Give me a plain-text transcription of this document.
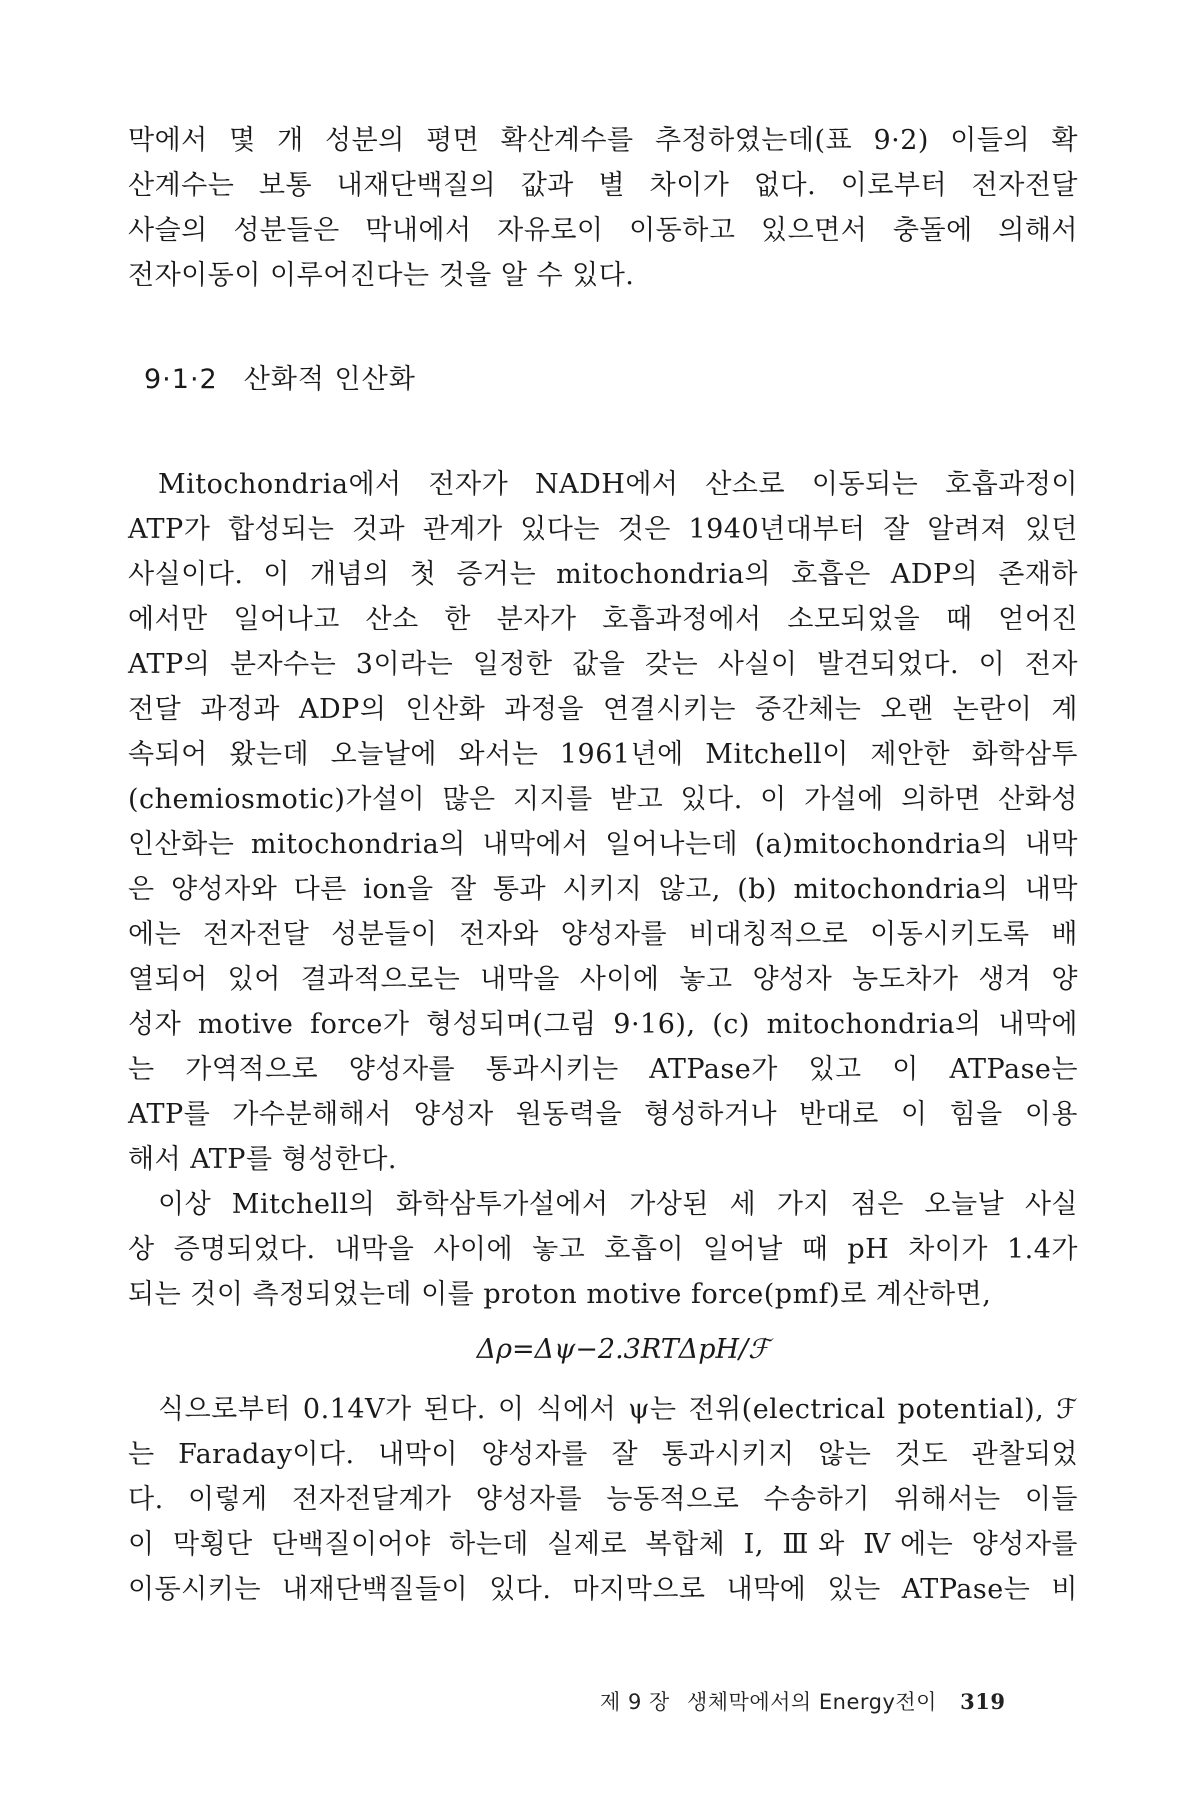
막에서 몇 개 성분의 평면 확산계수를 추정하였는데(표 9·2) 이들의 확

산계수는 보통 내재단백질의 값과 별 차이가 없다. 이로부터 전자전달

사슬의 성분들은 막내에서 자유로이 이동하고 있으면서 충돌에 의해서

전자이동이 이루어진다는 것을 알 수 있다.

9·1·2 산화적 인산화

Mitochondria에서 전자가 NADH에서 산소로 이동되는 호흡과정이

ATP가 합성되는 것과 관계가 있다는 것은 1940년대부터 잘 알려져 있던

사실이다. 이 개념의 첫 증거는 mitochondria의 호흡은 ADP의 존재하

에서만 일어나고 산소 한 분자가 호흡과정에서 소모되었을 때 얻어진

ATP의 분자수는 3이라는 일정한 값을 갖는 사실이 발견되었다. 이 전자

전달 과정과 ADP의 인산화 과정을 연결시키는 중간체는 오랜 논란이 계

속되어 왔는데 오늘날에 와서는 1961년에 Mitchell이 제안한 화학삼투

(chemiosmotic)가설이 많은 지지를 받고 있다. 이 가설에 의하면 산화성

인산화는 mitochondria의 내막에서 일어나는데 (a)mitochondria의 내막

은 양성자와 다른 ion을 잘 통과 시키지 않고, (b) mitochondria의 내막

에는 전자전달 성분들이 전자와 양성자를 비대칭적으로 이동시키도록 배

열되어 있어 결과적으로는 내막을 사이에 놓고 양성자 농도차가 생겨 양

성자 motive force가 형성되며(그림 9·16), (c) mitochondria의 내막에

는 가역적으로 양성자를 통과시키는 ATPase가 있고 이 ATPase는

ATP를 가수분해해서 양성자 원동력을 형성하거나 반대로 이 힘을 이용

해서 ATP를 형성한다.

이상 Mitchell의 화학삼투가설에서 가상된 세 가지 점은 오늘날 사실

상 증명되었다. 내막을 사이에 놓고 호흡이 일어날 때 pH 차이가 1.4가

되는 것이 측정되었는데 이를 proton motive force(pmf)로 계산하면,

Δρ=Δψ−2.3RTΔpH/ℱ

식으로부터 0.14V가 된다. 이 식에서 ψ는 전위(electrical potential), ℱ

는 Faraday이다. 내막이 양성자를 잘 통과시키지 않는 것도 관찰되었

다. 이렇게 전자전달계가 양성자를 능동적으로 수송하기 위해서는 이들

이 막횡단 단백질이어야 하는데 실제로 복합체 I, Ⅲ와 Ⅳ에는 양성자를

이동시키는 내재단백질들이 있다. 마지막으로 내막에 있는 ATPase는 비

제 9 장 생체막에서의 Energy전이 319
